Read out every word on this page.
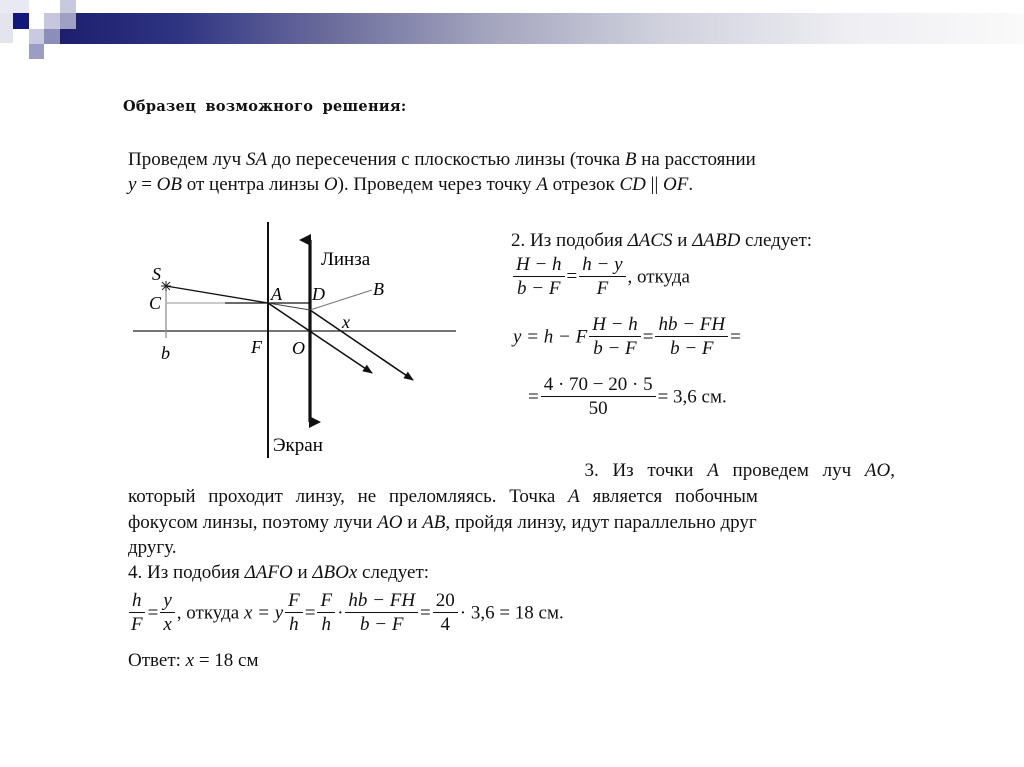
Образец возможного решения:
Проведем луч SA до пересечения с плоскостью линзы (точка B на расстоянии
y = OB от центра линзы O). Проведем через точку A отрезок CD || OF.
S
C
b	F
A D	B
x
O
Линза
Экран
2. Из подобия ΔACS и ΔABD следует:
$\frac{H - h}{b - F} = \frac{h - y}{F}$ , откуда
y = h − F $\frac{H - h}{b - F} = \frac{hb - FH}{b - F}$ =
= $\frac{4 \cdot 70 - 20 \cdot 5}{50} = 3,6$ см.
3. Из точки A проведем луч AO,
который проходит линзу, не преломляясь. Точка A является побочным
фокусом линзы, поэтому лучи AO и AB, пройдя линзу, идут параллельно друг
другу.
4. Из подобия ΔAFO и ΔBOx следует:
$\frac{h}{F} = \frac{y}{x}$ , откуда x = y $\frac{F}{h} = \frac{F}{h} \cdot \frac{hb - FH}{b - F} = \frac{20}{4} \cdot 3,6 = 18$ см.
Ответ: x = 18 см
